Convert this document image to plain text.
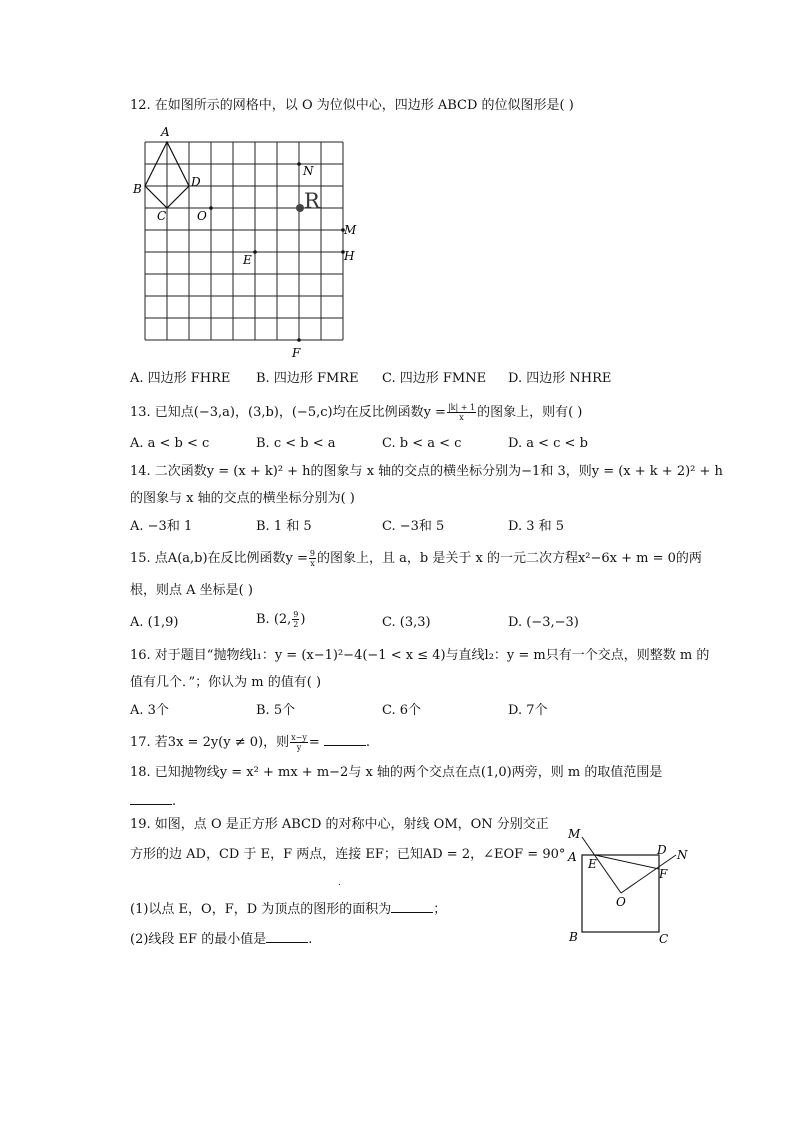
12. 在如图所示的网格中，以 O 为位似中心，四边形 ABCD 的位似图形是( )
A
B
C
D
O
N
R
M
E	H
F
A. 四边形 FHRE B. 四边形 FMRE C. 四边形 FMNE D. 四边形 NHRE
13. 已知点(−3,a)，(3,b)，(−5,c)均在反比例函数$y = \frac{|k| + 1}{x}$ 的图象上，则有( )
A. a < b < c	B. c < b < a	C. b < a < c	D. a < c < b
14. 二次函数y = (x + k)² + h的图象与 x 轴的交点的横坐标分别为−1和 3，则y = (x + k + 2)² + h
的图象与 x 轴的交点的横坐标分别为( )
A. −3和 1	B. 1 和 5	C. −3和 5	D. 3 和 5
15. 点A(a,b)在反比例函数$y = \frac{9}{x}$ 的图象上，且 a，b 是关于 x 的一元二次方程x²−6x + m = 0的两
根，则点 A 坐标是( )
A. (1,9)	B. (2, $\frac{9}{2}$ )	C. (3,3)	D. (−3,−3)
16. 对于题目“抛物线l₁：y = (x−1)²−4(−1 < x ≤ 4)与直线l₂：y = m只有一个交点，则整数 m 的
值有几个．”；你认为 m 的值有( )
A. 3个	B. 5个	C. 6个	D. 7个
17. 若3x = 2y(y ≠ 0)，则 $\frac{x-y}{y}$ =	.
18. 已知抛物线y = x² + mx + m−2与 x 轴的两个交点在点(1,0)两旁，则 m 的取值范围是
.
19. 如图，点 O 是正方形 ABCD 的对称中心，射线 OM，ON 分别交正
方形的边 AD，CD 于 E，F 两点，连接 EF；已知AD = 2，∠EOF = 90°
.
(1)以点 E，O，F，D 为顶点的图形的面积为	；
(2)线段 EF 的最小值是	.
M
A E
D N
F
O
B	C
